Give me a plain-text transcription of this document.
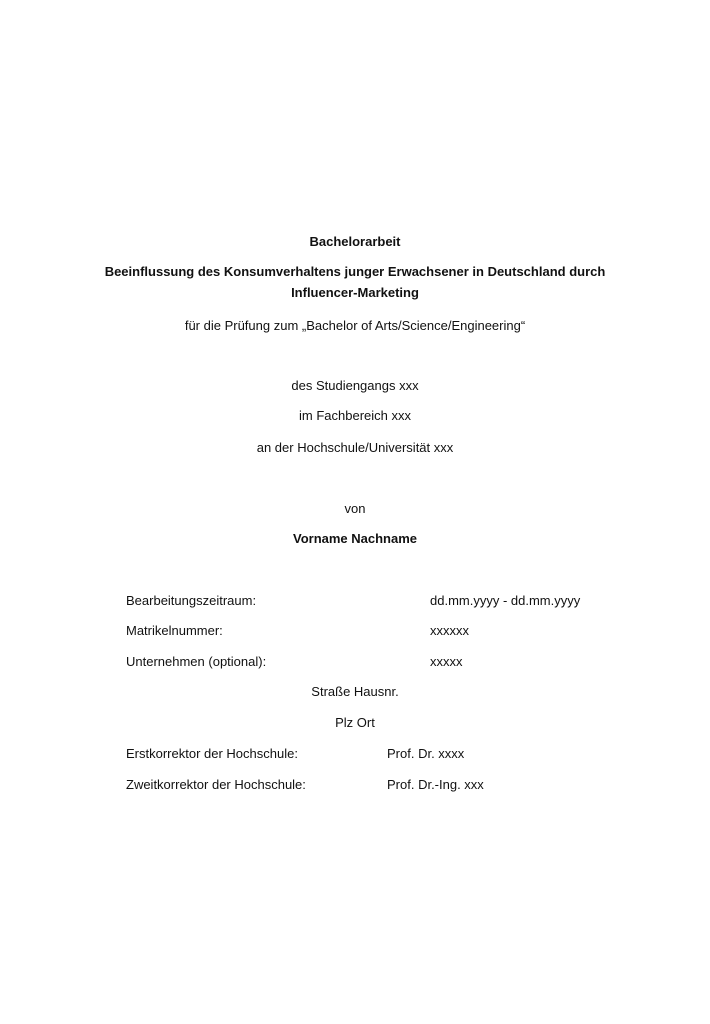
Bachelorarbeit
Beeinflussung des Konsumverhaltens junger Erwachsener in Deutschland durch
Influencer-Marketing
für die Prüfung zum „Bachelor of Arts/Science/Engineering“
des Studiengangs xxx
im Fachbereich xxx
an der Hochschule/Universität xxx
von
Vorname Nachname
Bearbeitungszeitraum:	dd.mm.yyyy - dd.mm.yyyy
Matrikelnummer:	xxxxxx
Unternehmen (optional):	xxxxx
Straße Hausnr.
Plz Ort
Erstkorrektor der Hochschule:	Prof. Dr. xxxx
Zweitkorrektor der Hochschule:	Prof. Dr.-Ing. xxx
